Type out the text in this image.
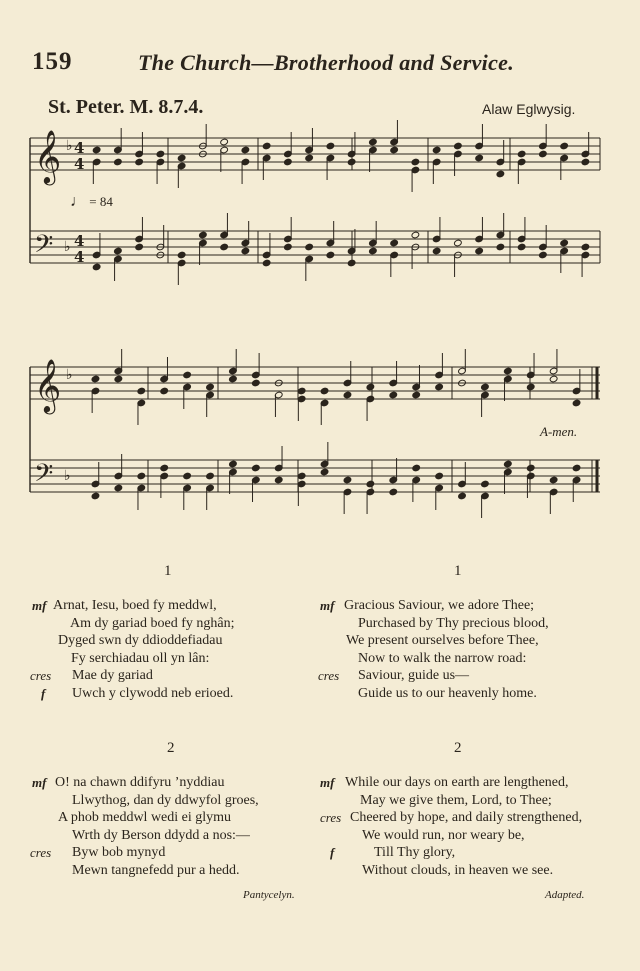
159	The Church—Brotherhood and Service.
St. Peter. M. 8.7.4.	Alaw Eglwysig.
♩ = 84
A-men.
𝄞 ♭ 4
4
𝄢 ♭ 4
4
𝄞 ♭
𝄢 ♭
1
mf Arnat, Iesu, boed fy meddwl,
Am dy gariad boed fy nghân;
Dyged swn dy ddioddefiadau
Fy serchiadau oll yn lân:
cres Mae dy gariad
f Uwch y clywodd neb erioed.
1
mf Gracious Saviour, we adore Thee;
Purchased by Thy precious blood,
We present ourselves before Thee,
Now to walk the narrow road:
cres Saviour, guide us—
Guide us to our heavenly home.
2
mf O! na chawn ddifyru ’nyddiau
Llwythog, dan dy ddwyfol groes,
A phob meddwl wedi ei glymu
Wrth dy Berson ddydd a nos:—
cres Byw bob mynyd
Mewn tangnefedd pur a hedd.
2
mf While our days on earth are lengthened,
May we give them, Lord, to Thee;
cres Cheered by hope, and daily strengthened,
We would run, nor weary be,
f	Till Thy glory,
Without clouds, in heaven we see.
Pantycelyn.	Adapted.
